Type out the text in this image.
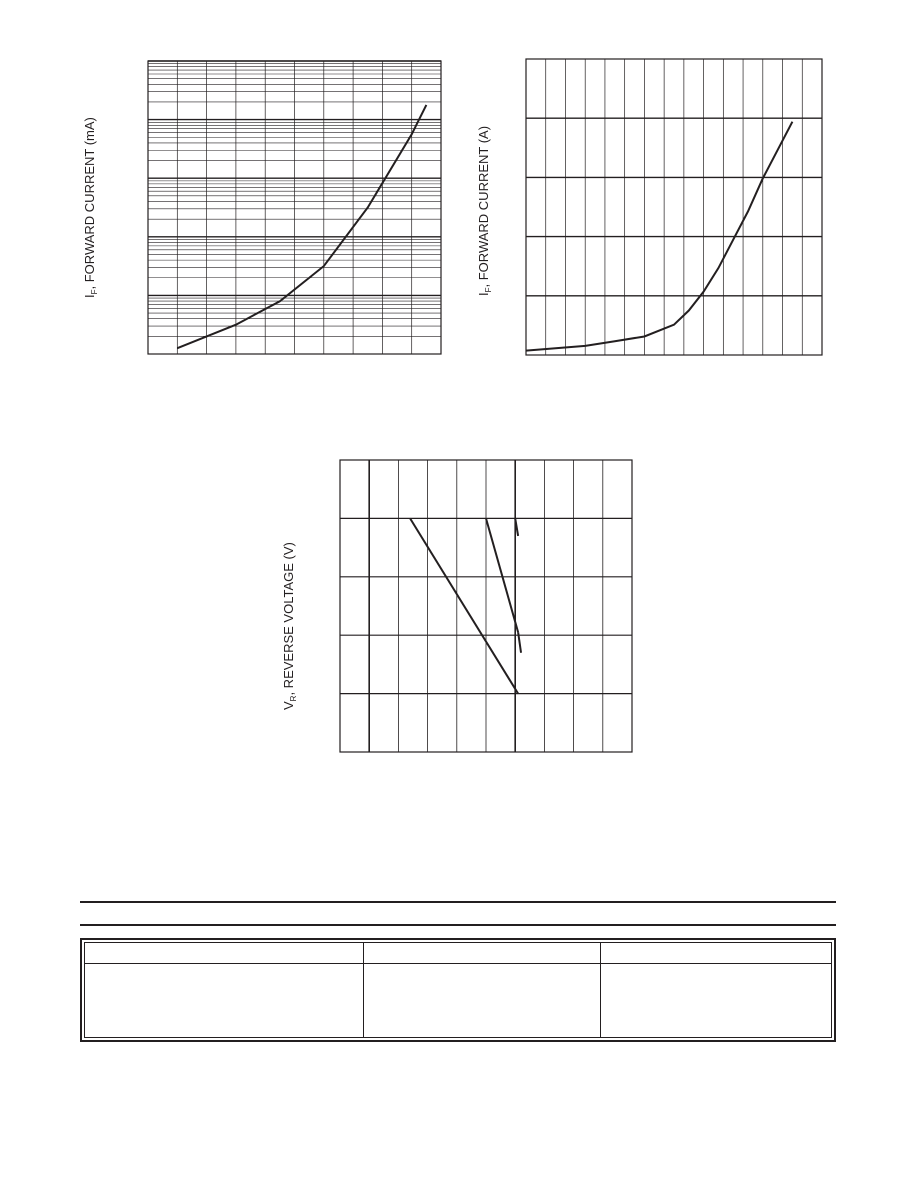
$I_F$, FORWARD CURRENT (mA)
$I_F$, FORWARD CURRENT (A)
$V_R$, REVERSE VOLTAGE (V)
